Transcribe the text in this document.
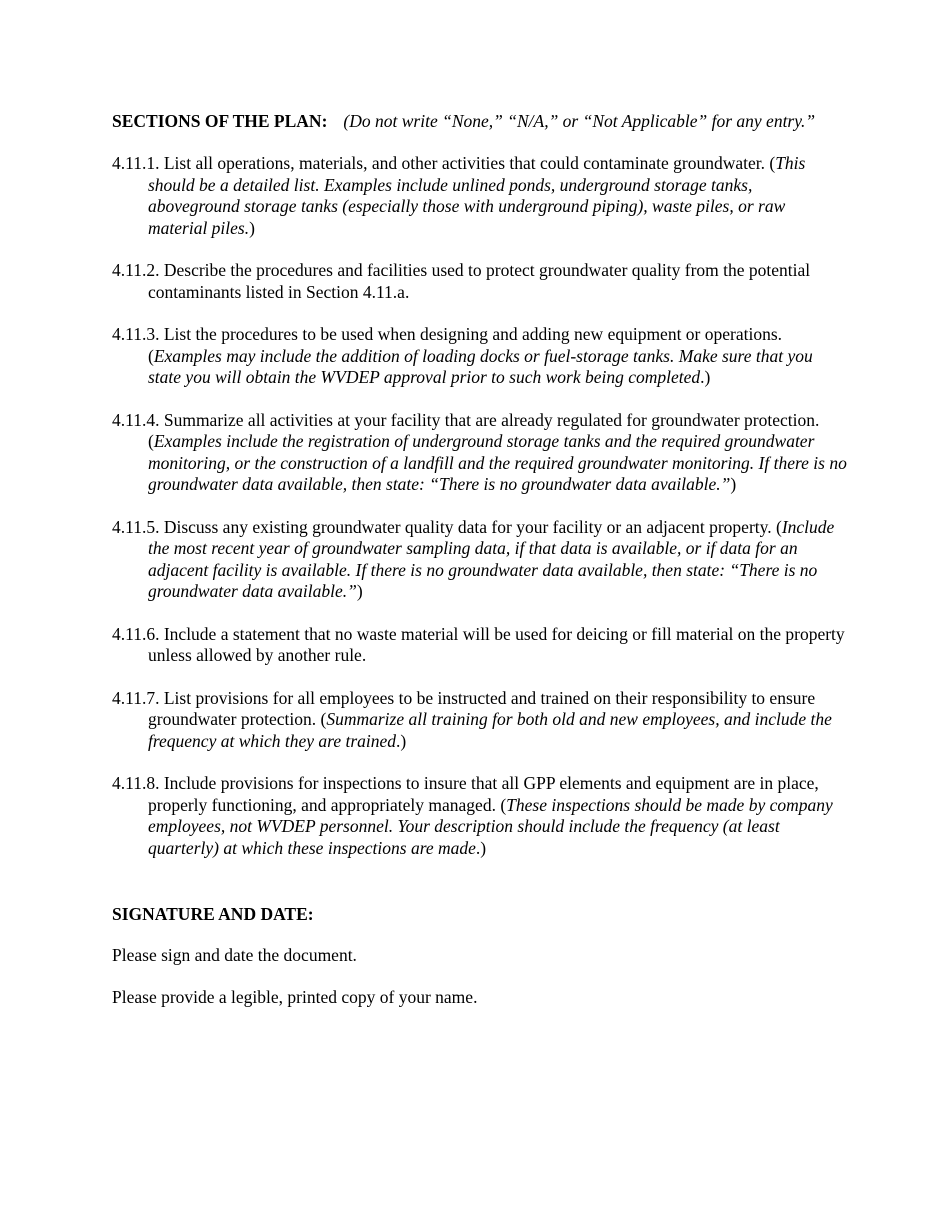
SECTIONS OF THE PLAN: (Do not write “None,” “N/A,” or “Not Applicable” for any entry.”
4.11.1. List all operations, materials, and other activities that could contaminate groundwater. (This should be a detailed list. Examples include unlined ponds, underground storage tanks, aboveground storage tanks (especially those with underground piping), waste piles, or raw material piles.)
4.11.2. Describe the procedures and facilities used to protect groundwater quality from the potential contaminants listed in Section 4.11.a.
4.11.3. List the procedures to be used when designing and adding new equipment or operations. (Examples may include the addition of loading docks or fuel-storage tanks. Make sure that you state you will obtain the WVDEP approval prior to such work being completed.)
4.11.4. Summarize all activities at your facility that are already regulated for groundwater protection. (Examples include the registration of underground storage tanks and the required groundwater monitoring, or the construction of a landfill and the required groundwater monitoring. If there is no groundwater data available, then state: “There is no groundwater data available.”)
4.11.5. Discuss any existing groundwater quality data for your facility or an adjacent property. (Include the most recent year of groundwater sampling data, if that data is available, or if data for an adjacent facility is available. If there is no groundwater data available, then state: “There is no groundwater data available.”)
4.11.6. Include a statement that no waste material will be used for deicing or fill material on the property unless allowed by another rule.
4.11.7. List provisions for all employees to be instructed and trained on their responsibility to ensure groundwater protection. (Summarize all training for both old and new employees, and include the frequency at which they are trained.)
4.11.8. Include provisions for inspections to insure that all GPP elements and equipment are in place, properly functioning, and appropriately managed. (These inspections should be made by company employees, not WVDEP personnel. Your description should include the frequency (at least quarterly) at which these inspections are made.)
SIGNATURE AND DATE:
Please sign and date the document.
Please provide a legible, printed copy of your name.
